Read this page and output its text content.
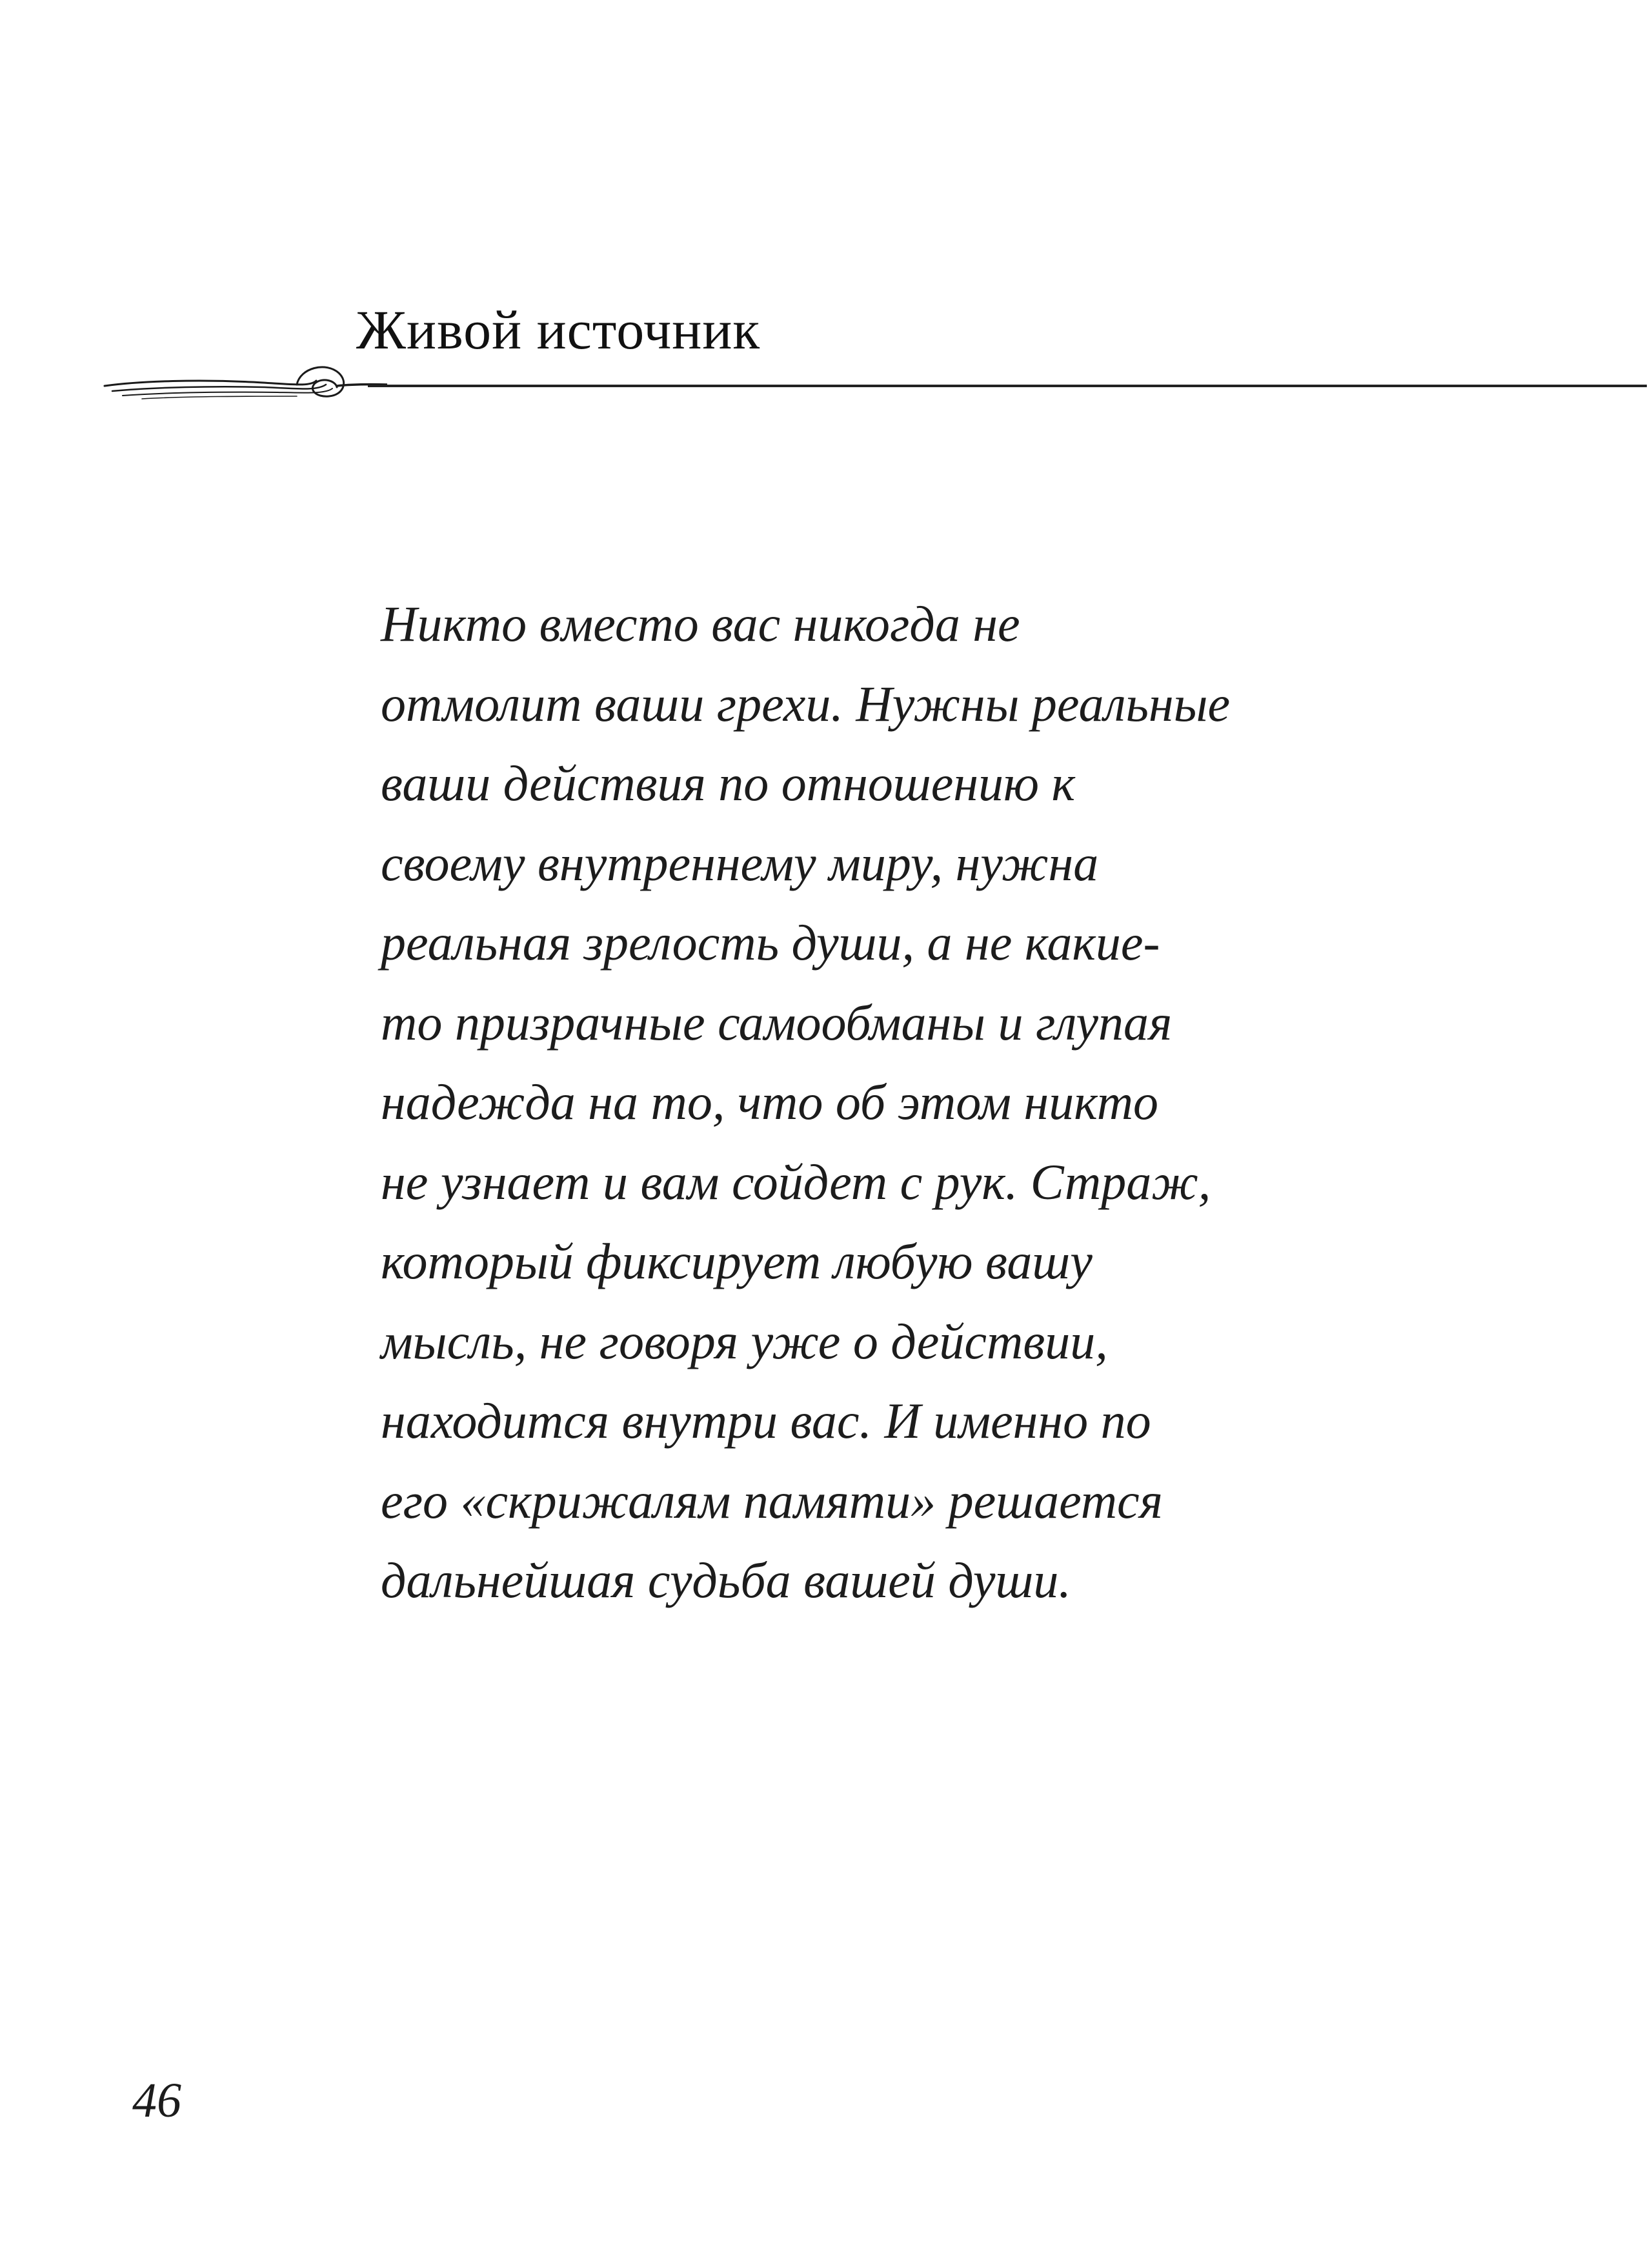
Живой источник
Никто вместо вас никогда не
отмолит ваши грехи. Нужны реальные
ваши действия по отношению к
своему внутреннему миру, нужна
реальная зрелость души, а не какие-
то призрачные самообманы и глупая
надежда на то, что об этом никто
не узнает и вам сойдет с рук. Страж,
который фиксирует любую вашу
мысль, не говоря уже о действии,
находится внутри вас. И именно по
его «скрижалям памяти» решается
дальнейшая судьба вашей души.
46
